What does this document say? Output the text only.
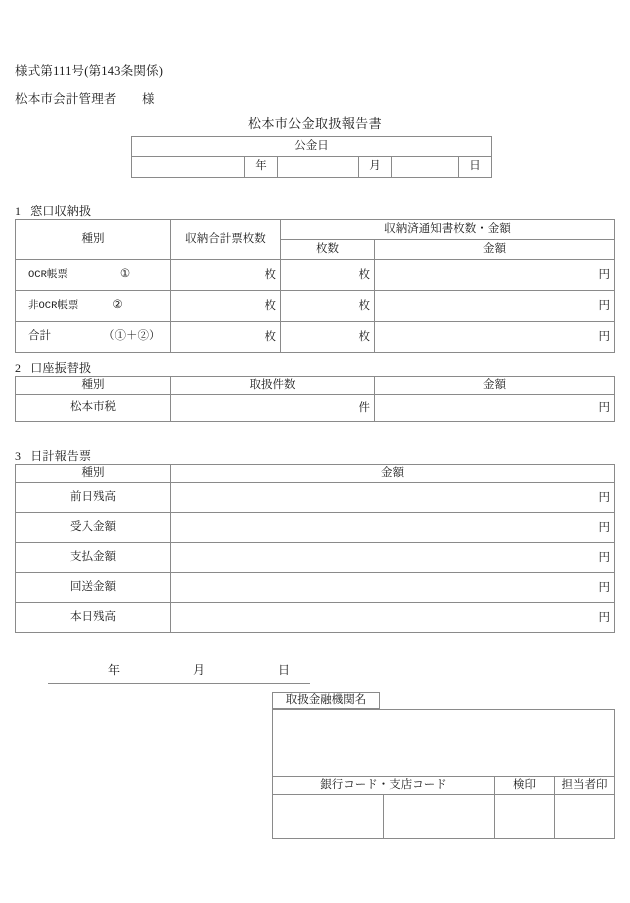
様式第111号(第143条関係)
松本市会計管理者　　様
松本市公金取扱報告書
公金日
	年		月		日
1 窓口収納扱
種別	収納合計票枚数	収納済通知書枚数・金額	
		枚数	金額

OCR帳票 ①	枚	枚	円

非OCR帳票 ②	枚	枚	円

合計 （①＋②）	枚	枚	円
2 口座振替扱
種別	取扱件数	金額
松本市税	件	円
3 日計報告票
種別	金額
前日残高	円

受入金額	円

支払金額	円

回送金額	円

本日残高	円
年	月	日
取扱金融機関名

銀行コード・支店コード		検印	担当者印
